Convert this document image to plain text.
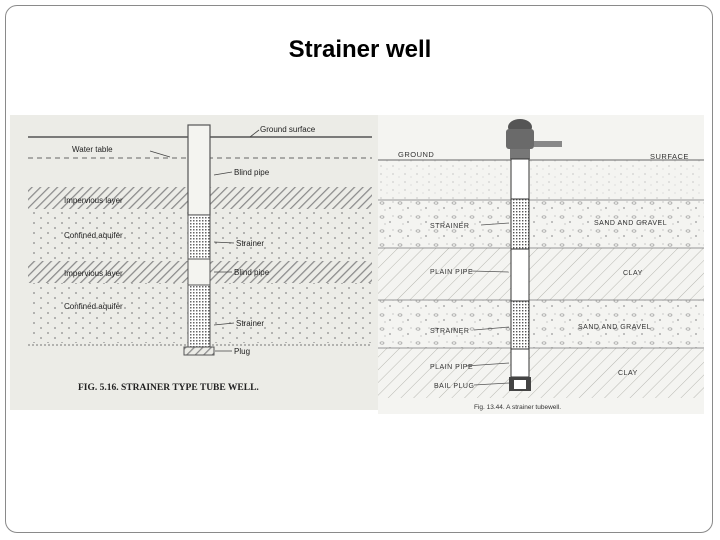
Strainer well
Ground surface
Water table
Blind pipe
Impervious layer
Confined aquifer
Strainer
Impervious layer	Blind pipe
Confined aquifer
Strainer
Plug
FIG. 5.16. STRAINER TYPE TUBE WELL.
GROUND	SURFACE
STRAINER	SAND AND GRAVEL
PLAIN PIPE	CLAY
STRAINER
SAND AND GRAVEL
PLAIN PIPE
CLAY
BAIL PLUG
Fig. 13.44. A strainer tubewell.
